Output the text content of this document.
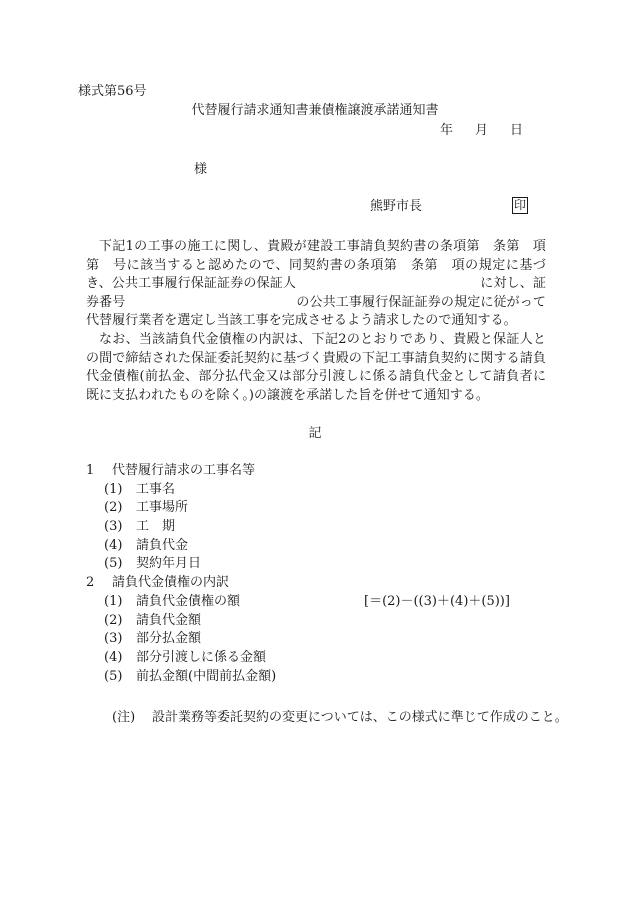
様式第56号
代替履行請求通知書兼債権譲渡承諾通知書
年 月 日
様
熊野市長	印

下記1の工事の施工に関し、貴殿が建設工事請負契約書の条項第　条第　項第　号に該当すると認めたので、同契約書の条項第　条第　項の規定に基づき、公共工事履行保証証券の保証人　　　　　　　　　　　　　　に対し、証券番号　　　　　　　　　　　　　の公共工事履行保証証券の規定に従がって代替履行業者を選定し当該工事を完成させるよう請求したので通知する。

なお、当該請負代金債権の内訳は、下記2のとおりであり、貴殿と保証人との間で締結された保証委託契約に基づく貴殿の下記工事請負契約に関する請負代金債権(前払金、部分払代金又は部分引渡しに係る請負代金として請負者に既に支払われたものを除く。)の譲渡を承諾した旨を併せて通知する。

記
1 代替履行請求の工事名等
(1) 工事名
(2) 工事場所
(3) 工　期
(4) 請負代金
(5) 契約年月日
2 請負代金債権の内訳
(1) 請負代金債権の額	[＝(2)－((3)＋(4)＋(5))]
(2) 請負代金額
(3) 部分払金額
(4) 部分引渡しに係る金額
(5) 前払金額(中間前払金額)
(注) 設計業務等委託契約の変更については、この様式に準じて作成のこと。
